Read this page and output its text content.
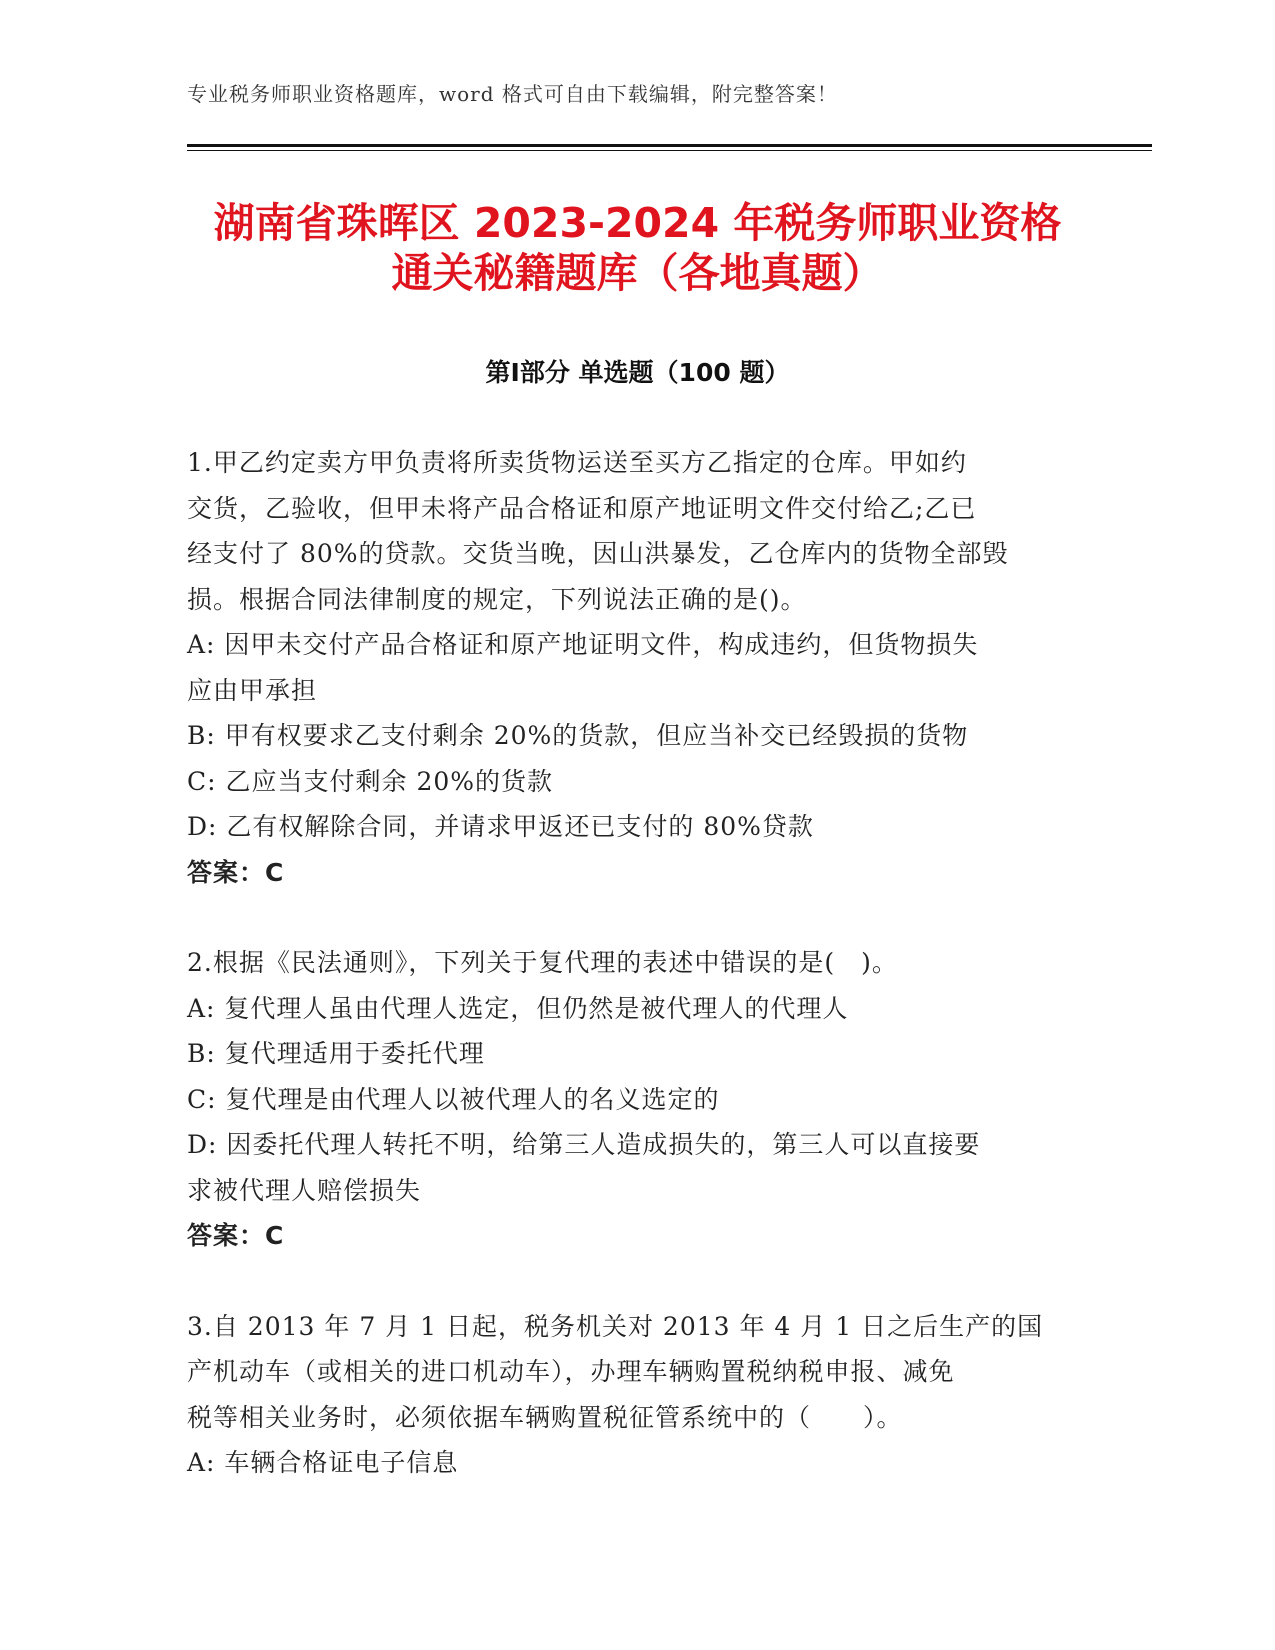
专业税务师职业资格题库，word 格式可自由下载编辑，附完整答案！
湖南省珠晖区 2023-2024 年税务师职业资格
通关秘籍题库（各地真题）
第Ⅰ部分 单选题（100 题）
1.甲乙约定卖方甲负责将所卖货物运送至买方乙指定的仓库。甲如约
交货，乙验收，但甲未将产品合格证和原产地证明文件交付给乙;乙已
经支付了 80%的贷款。交货当晚，因山洪暴发，乙仓库内的货物全部毁
损。根据合同法律制度的规定，下列说法正确的是()。
A: 因甲未交付产品合格证和原产地证明文件，构成违约，但货物损失
应由甲承担
B: 甲有权要求乙支付剩余 20%的货款，但应当补交已经毁损的货物
C: 乙应当支付剩余 20%的货款
D: 乙有权解除合同，并请求甲返还已支付的 80%贷款
答案：C
2.根据《民法通则》，下列关于复代理的表述中错误的是(　)。
A: 复代理人虽由代理人选定，但仍然是被代理人的代理人
B: 复代理适用于委托代理
C: 复代理是由代理人以被代理人的名义选定的
D: 因委托代理人转托不明，给第三人造成损失的，第三人可以直接要
求被代理人赔偿损失
答案：C
3.自 2013 年 7 月 1 日起，税务机关对 2013 年 4 月 1 日之后生产的国
产机动车（或相关的进口机动车），办理车辆购置税纳税申报、减免
税等相关业务时，必须依据车辆购置税征管系统中的（　　）。
A: 车辆合格证电子信息
